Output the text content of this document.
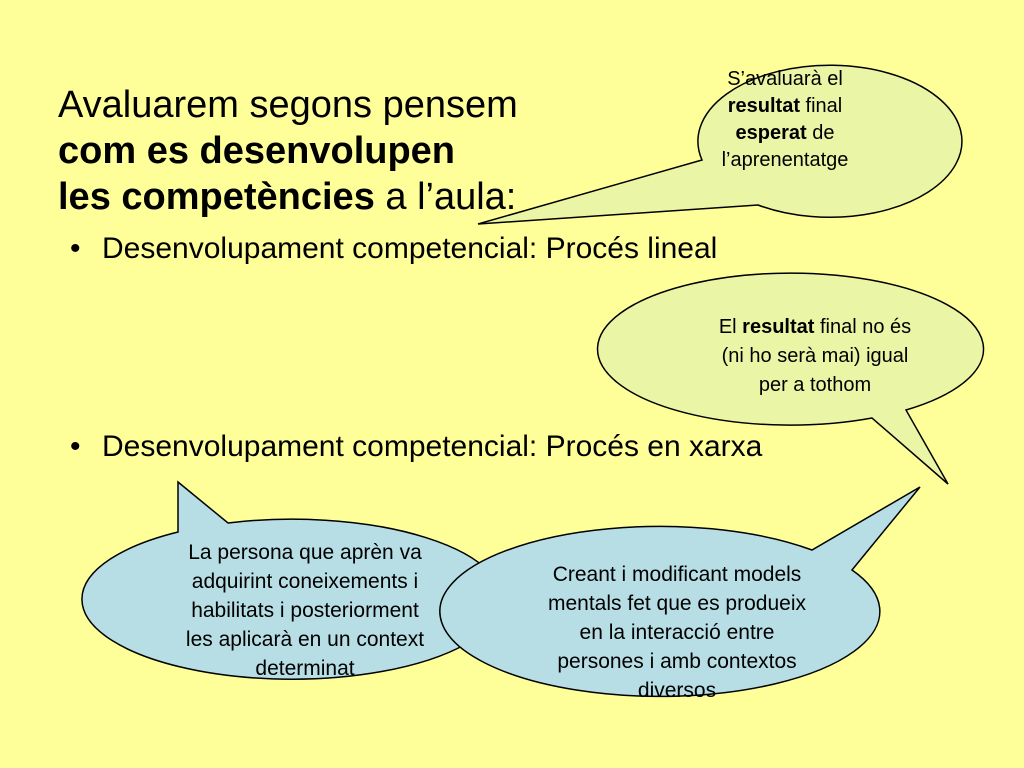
Avaluarem segons pensem
com es desenvolupen
les competències a l’aula:
• Desenvolupament competencial: Procés lineal
• Desenvolupament competencial: Procés en xarxa
S’avaluarà el
resultat final
esperat de
l’aprenentatge
El resultat final no és
(ni ho serà mai) igual
per a tothom
La persona que aprèn va
adquirint coneixements i
habilitats i posteriorment
les aplicarà en un context
determinat
Creant i modificant models
mentals fet que es produeix
en la interacció entre
persones i amb contextos
diversos
